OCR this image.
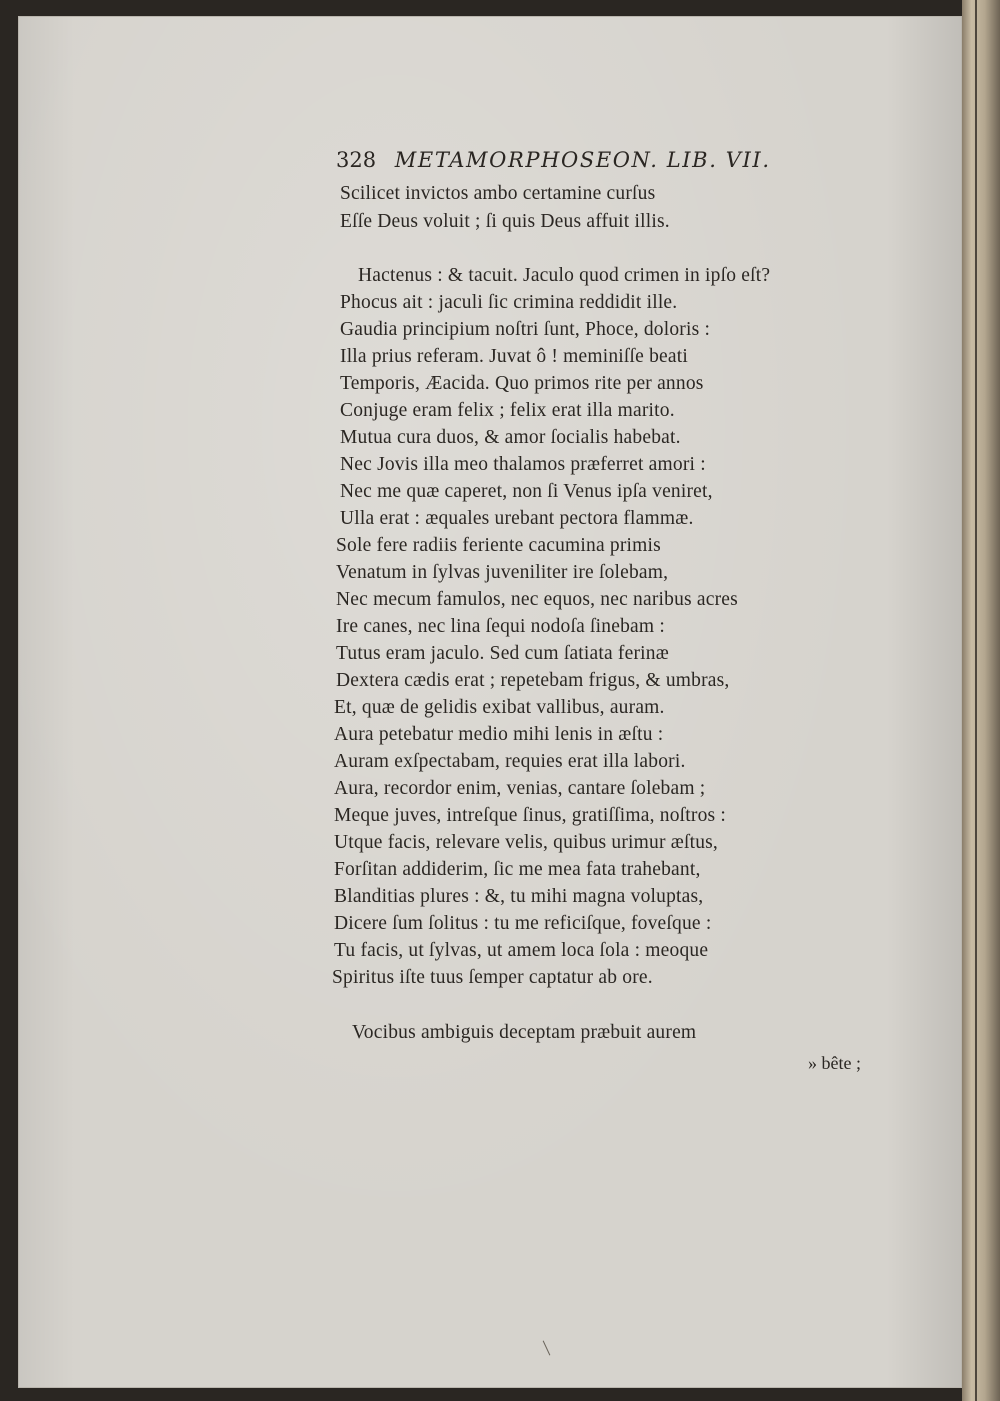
328 METAMORPHOSEON. LIB. VII.
Scilicet invictos ambo certamine curſus
Eſſe Deus voluit ; ſi quis Deus affuit illis.
Hactenus : & tacuit. Jaculo quod crimen in ipſo eſt?
Phocus ait : jaculi ſic crimina reddidit ille.
Gaudia principium noſtri ſunt, Phoce, doloris :
Illa prius referam. Juvat ô ! meminiſſe beati
Temporis, Æacida. Quo primos rite per annos
Conjuge eram felix ; felix erat illa marito.
Mutua cura duos, & amor ſocialis habebat.
Nec Jovis illa meo thalamos præferret amori :
Nec me quæ caperet, non ſi Venus ipſa veniret,
Ulla erat : æquales urebant pectora flammæ.
Sole fere radiis feriente cacumina primis
Venatum in ſylvas juveniliter ire ſolebam,
Nec mecum famulos, nec equos, nec naribus acres
Ire canes, nec lina ſequi nodoſa ſinebam :
Tutus eram jaculo. Sed cum ſatiata ferinæ
Dextera cædis erat ; repetebam frigus, & umbras,
Et, quæ de gelidis exibat vallibus, auram.
Aura petebatur medio mihi lenis in æſtu :
Auram exſpectabam, requies erat illa labori.
Aura, recordor enim, venias, cantare ſolebam ;
Meque juves, intreſque ſinus, gratiſſima, noſtros :
Utque facis, relevare velis, quibus urimur æſtus,
Forſitan addiderim, ſic me mea fata trahebant,
Blanditias plures : &, tu mihi magna voluptas,
Dicere ſum ſolitus : tu me reficiſque, foveſque :
Tu facis, ut ſylvas, ut amem loca ſola : meoque
Spiritus iſte tuus ſemper captatur ab ore.
Vocibus ambiguis deceptam præbuit aurem
» bête ;
